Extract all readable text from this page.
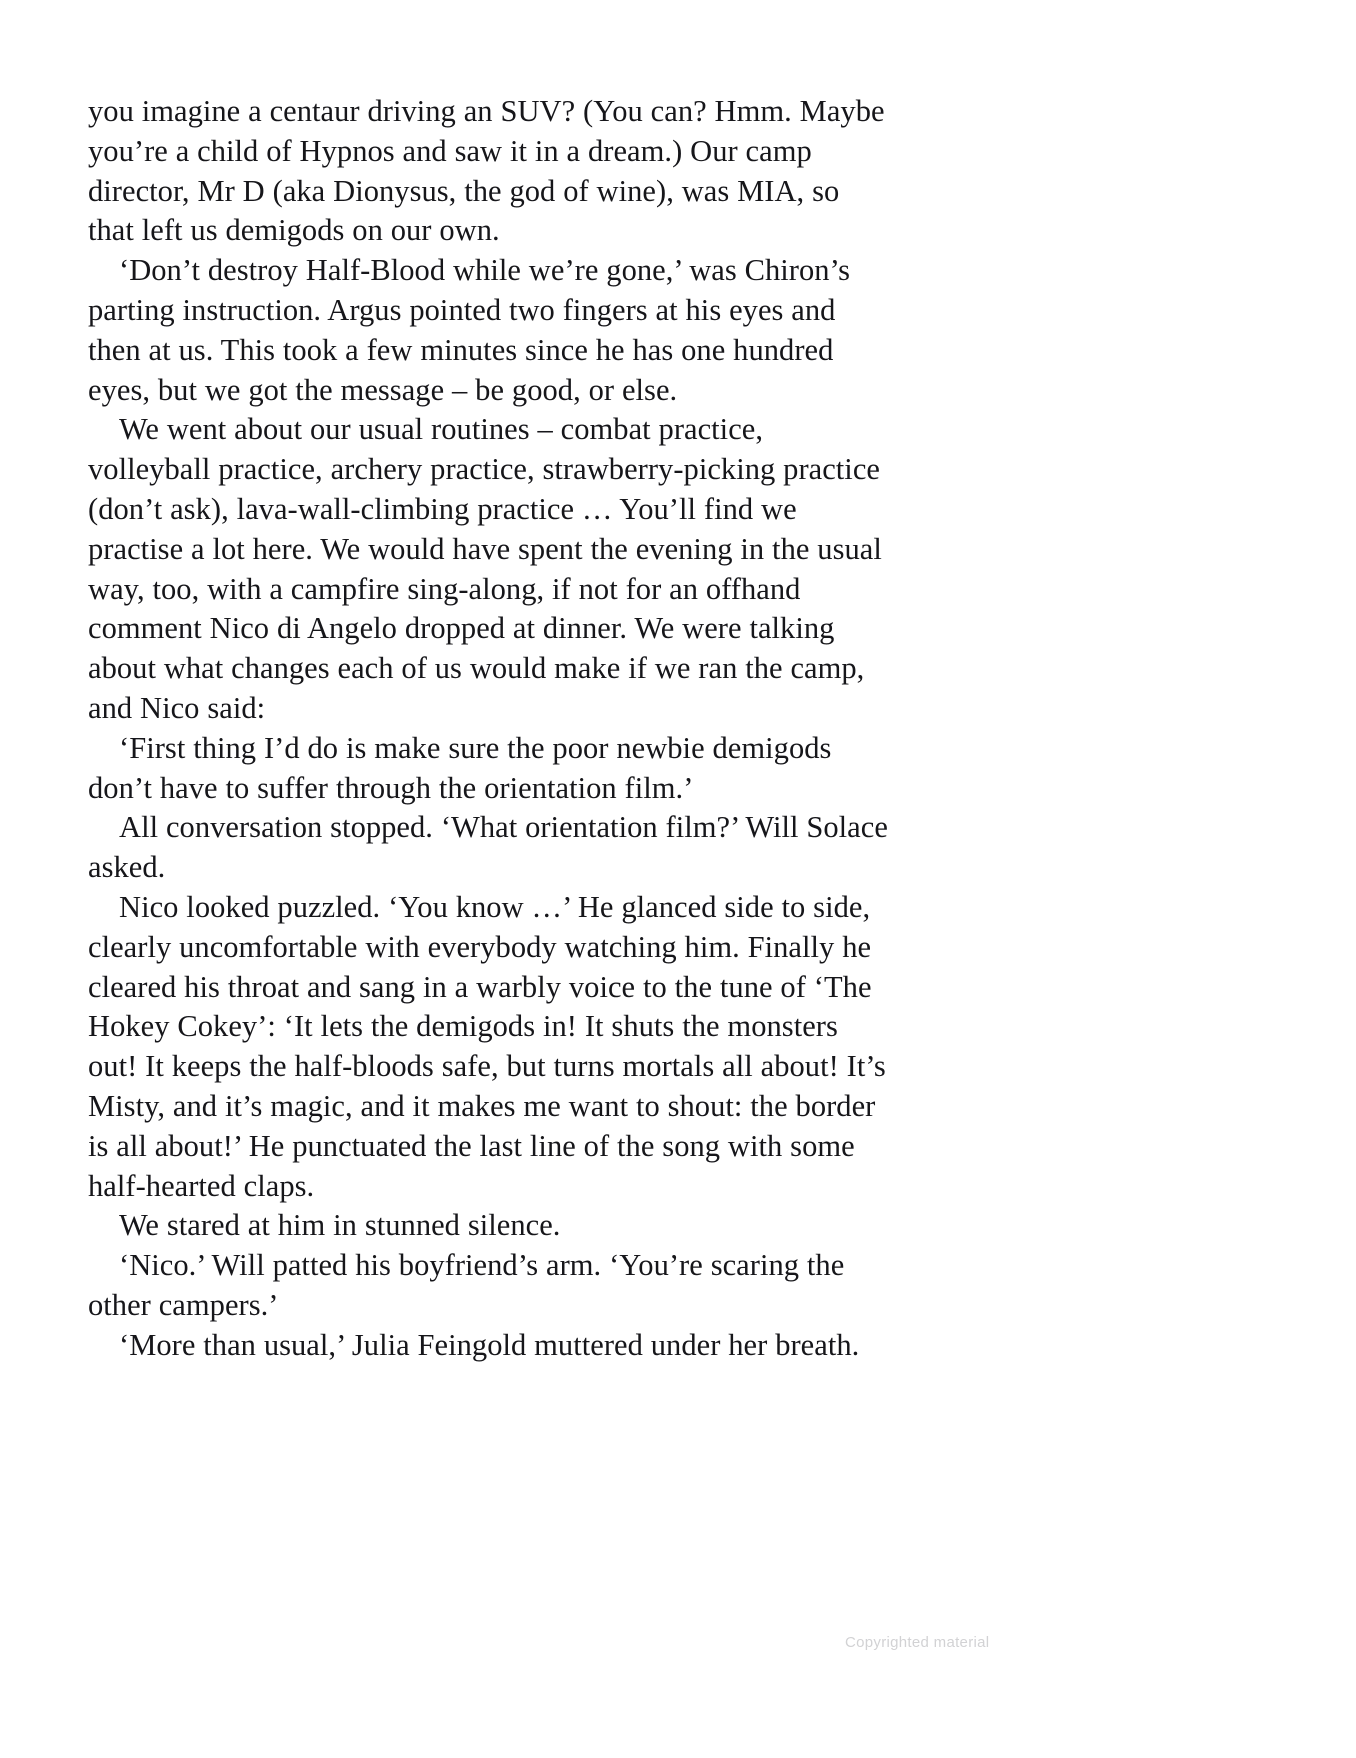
you imagine a centaur driving an SUV? (You can? Hmm. Maybe you’re a child of Hypnos and saw it in a dream.) Our camp director, Mr D (aka Dionysus, the god of wine), was MIA, so that left us demigods on our own.

‘Don’t destroy Half-Blood while we’re gone,’ was Chiron’s parting instruction. Argus pointed two fingers at his eyes and then at us. This took a few minutes since he has one hundred eyes, but we got the message – be good, or else.

We went about our usual routines – combat practice, volleyball practice, archery practice, strawberry-picking practice (don’t ask), lava-wall-climbing practice … You’ll find we practise a lot here. We would have spent the evening in the usual way, too, with a campfire sing-along, if not for an offhand comment Nico di Angelo dropped at dinner. We were talking about what changes each of us would make if we ran the camp, and Nico said:

‘First thing I’d do is make sure the poor newbie demigods don’t have to suffer through the orientation film.’

All conversation stopped. ‘What orientation film?’ Will Solace asked.

Nico looked puzzled. ‘You know …’ He glanced side to side, clearly uncomfortable with everybody watching him. Finally he cleared his throat and sang in a warbly voice to the tune of ‘The Hokey Cokey’: ‘It lets the demigods in! It shuts the monsters out! It keeps the half-bloods safe, but turns mortals all about! It’s Misty, and it’s magic, and it makes me want to shout: the border is all about!’ He punctuated the last line of the song with some half-hearted claps.

We stared at him in stunned silence.

‘Nico.’ Will patted his boyfriend’s arm. ‘You’re scaring the other campers.’

‘More than usual,’ Julia Feingold muttered under her breath.

Copyrighted material
